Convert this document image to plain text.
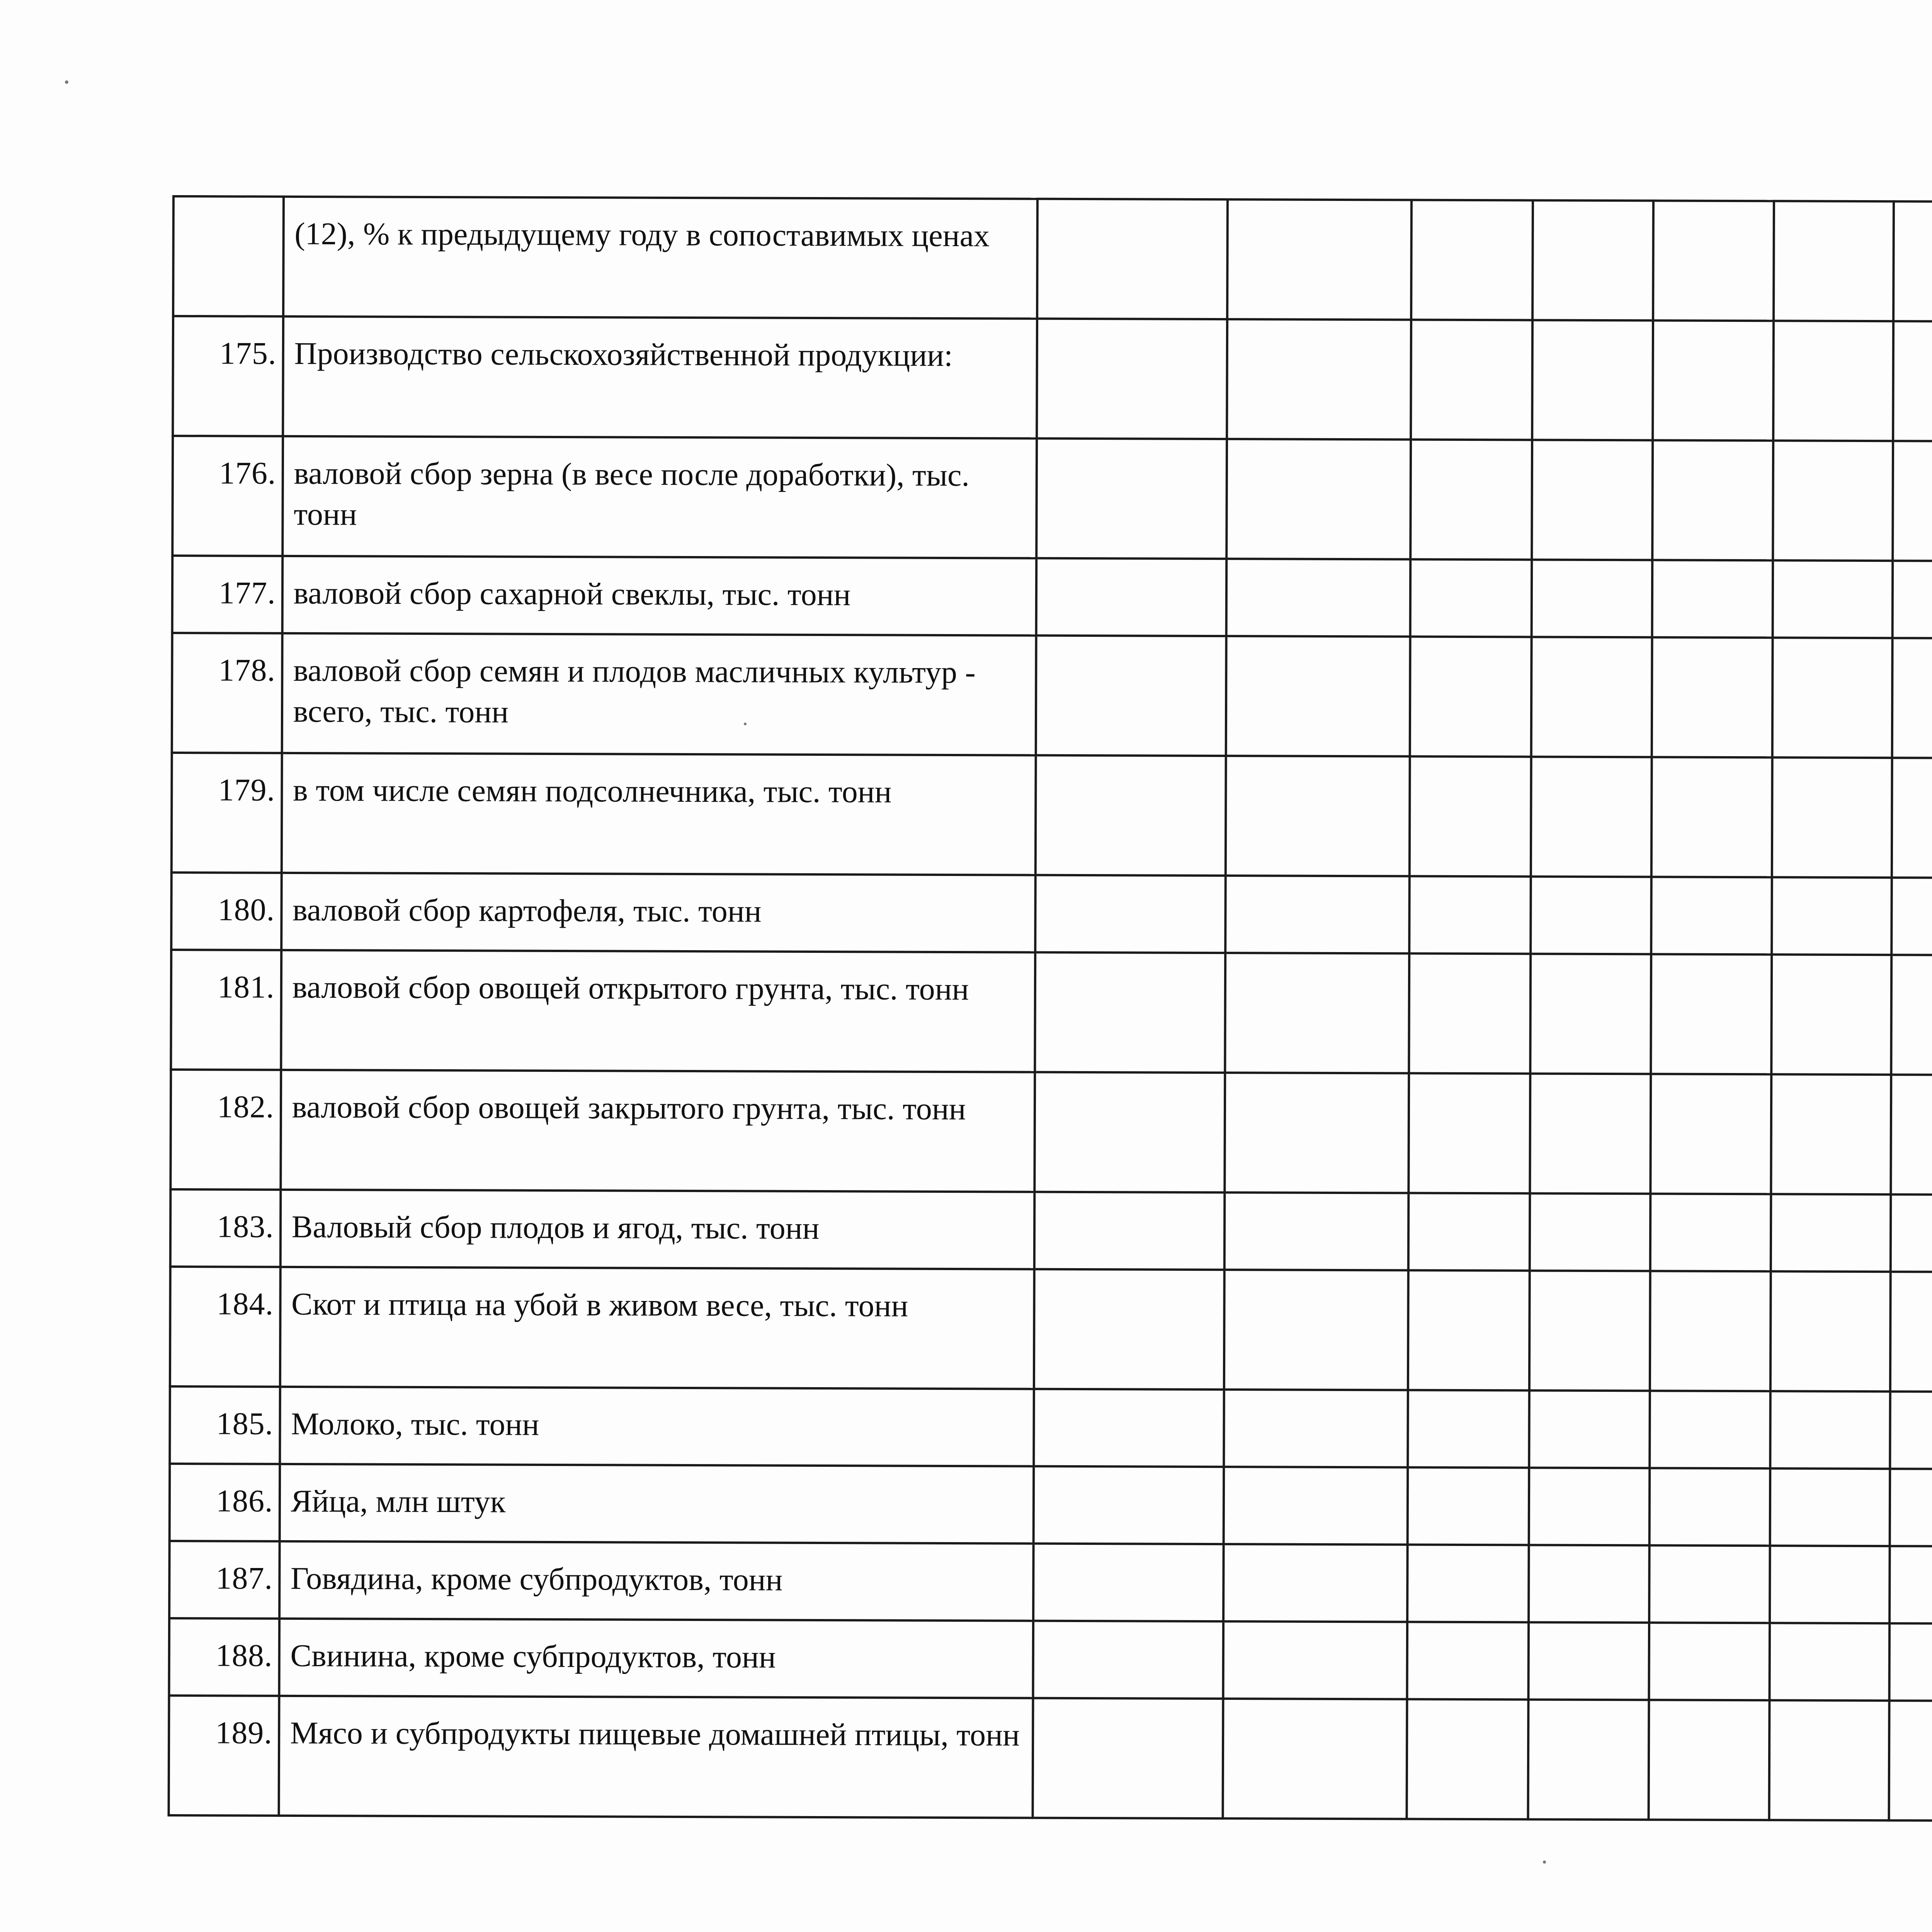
	(12), % к предыдущему году в сопоставимых ценах													
175.	Производство сельскохозяйственной продукции:													
176.	валовой сбор зерна (в весе после доработки), тыс. тонн													
177.	валовой сбор сахарной свеклы, тыс. тонн													
178.	валовой сбор семян и плодов масличных культур - всего, тыс. тонн													
179.	в том числе семян подсолнечника, тыс. тонн													
180.	валовой сбор картофеля, тыс. тонн													
181.	валовой сбор овощей открытого грунта, тыс. тонн													
182.	валовой сбор овощей закрытого грунта, тыс. тонн													
183.	Валовый сбор плодов и ягод, тыс. тонн													
184.	Скот и птица на убой в живом весе, тыс. тонн													
185.	Молоко, тыс. тонн													
186.	Яйца, млн штук													
187.	Говядина, кроме субпродуктов, тонн													
188.	Свинина, кроме субпродуктов, тонн													
189.	Мясо и субпродукты пищевые домашней птицы, тонн													
